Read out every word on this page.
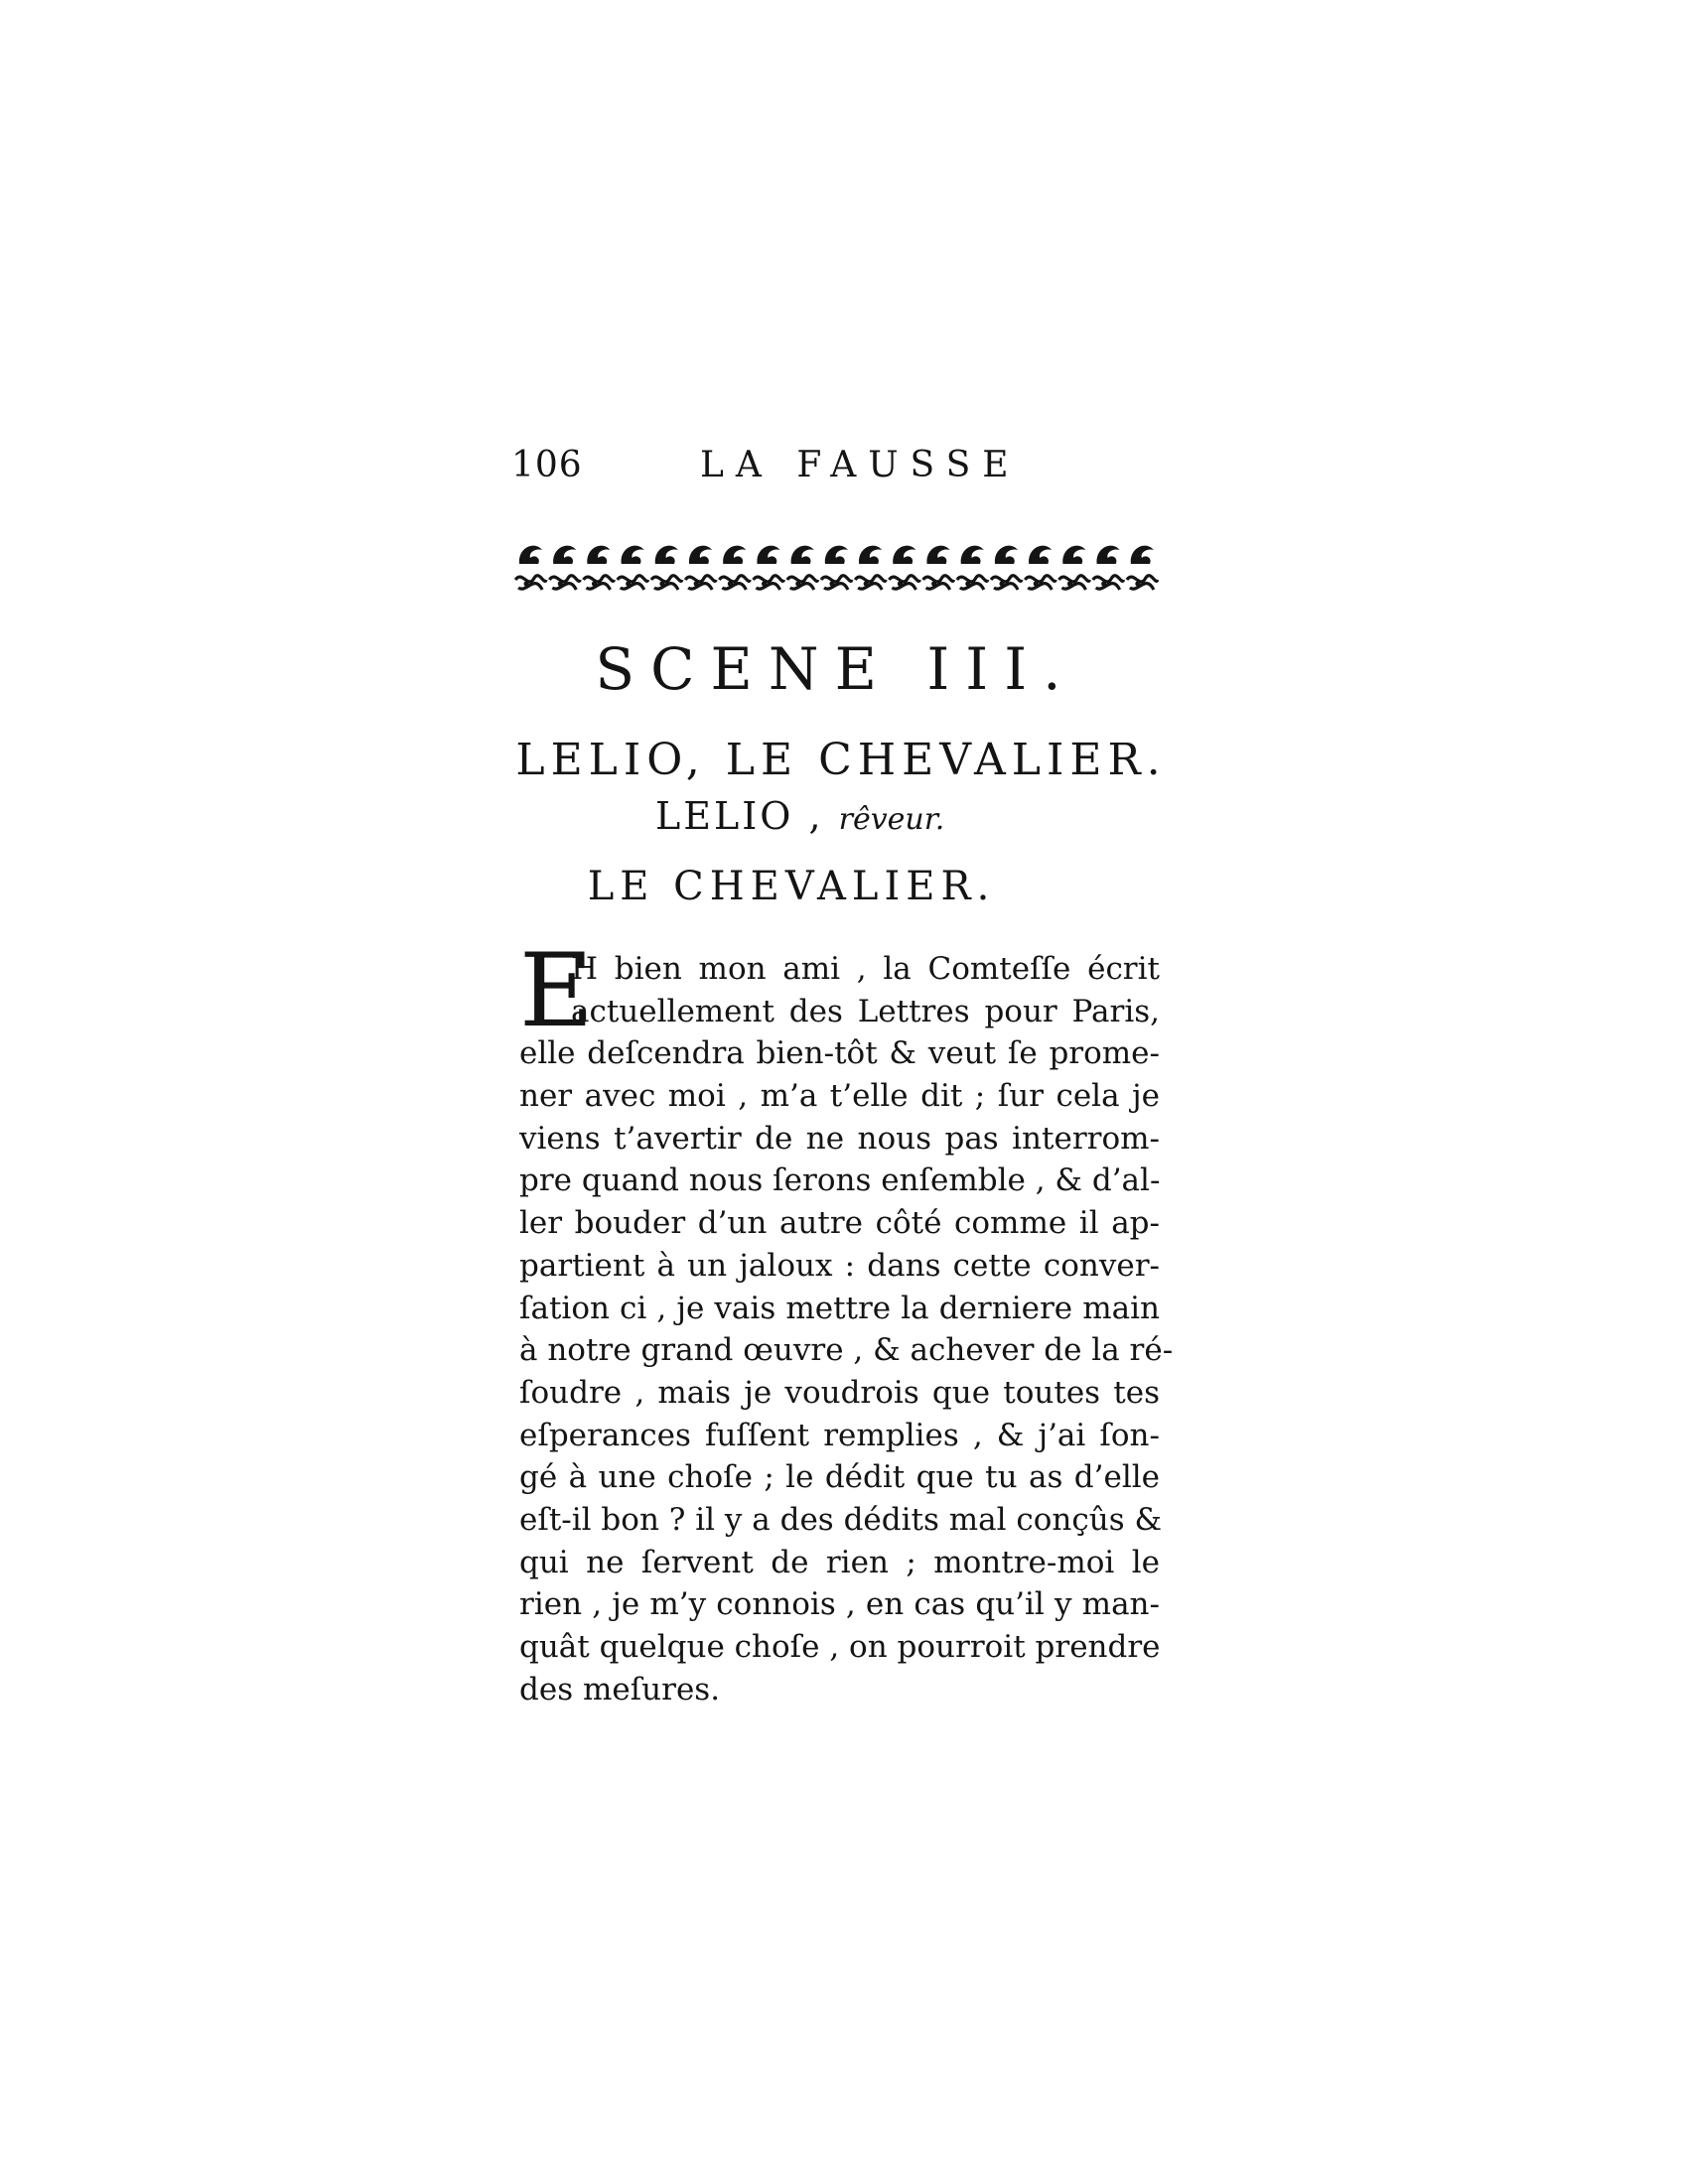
106	LA FAUSSE
SCENE III.
LELIO, LE CHEVALIER.
LELIO , rêveur.
LE CHEVALIER.
E
H bien mon ami , la Comteſſe écrit
actuellement des Lettres pour Paris,
elle deſcendra bien-tôt & veut ſe prome-
ner avec moi , m’a t’elle dit ; ſur cela je
viens t’avertir de ne nous pas interrom-
pre quand nous ſerons enſemble , & d’al-
ler bouder d’un autre côté comme il ap-
partient à un jaloux : dans cette conver-
ſation ci , je vais mettre la derniere main
à notre grand œuvre , & achever de la ré-
ſoudre , mais je voudrois que toutes tes
eſperances fuſſent remplies , & j’ai ſon-
gé à une choſe ; le dédit que tu as d’elle
eſt-il bon ? il y a des dédits mal conçûs &
qui ne ſervent de rien ; montre-moi le
rien , je m’y connois , en cas qu’il y man-
quât quelque choſe , on pourroit prendre
des meſures.
